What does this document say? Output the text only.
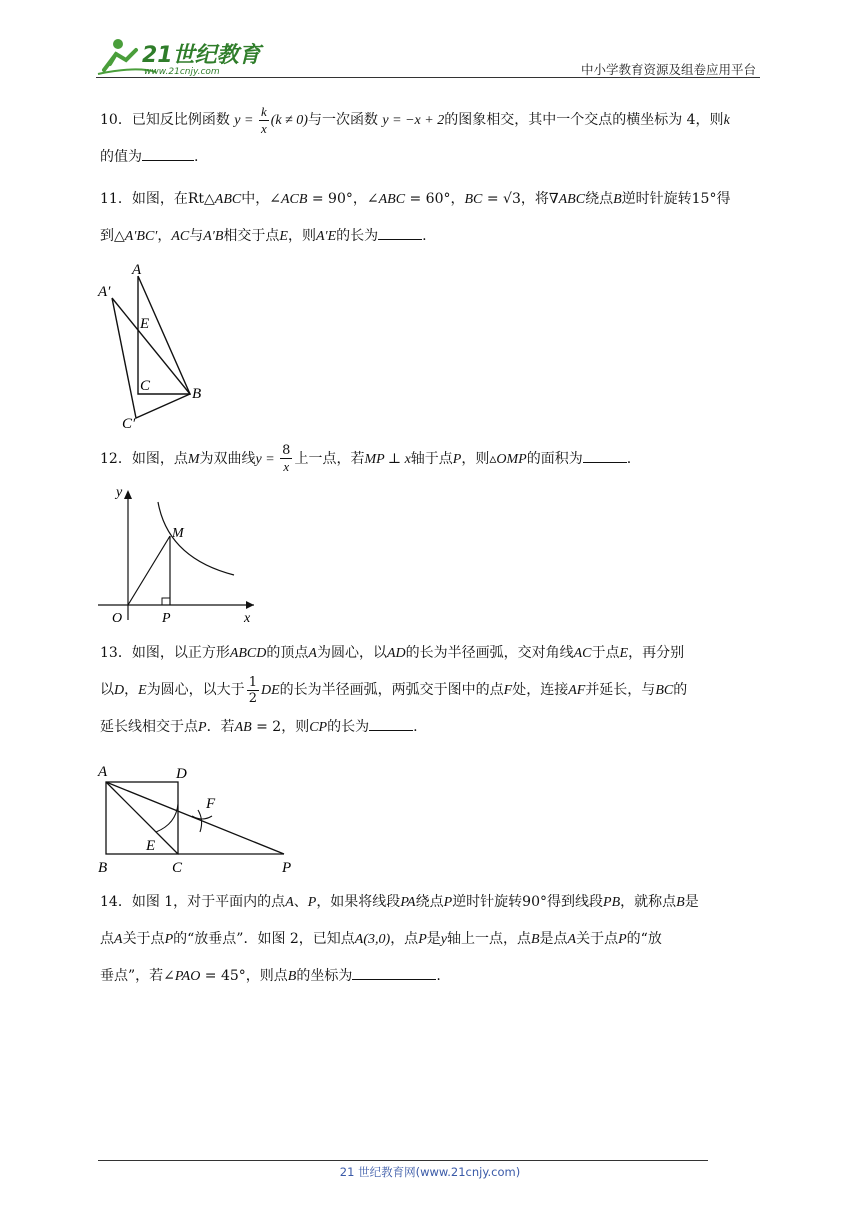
21世纪教育
www.21cnjy.com	中小学教育资源及组卷应用平台
10．已知反比例函数 $y = \frac{k}{x} (k \ne 0)$与一次函数 y = −x + 2的图象相交，其中一个交点的横坐标为 4，则k
的值为	.
11．如图，在Rt△ABC中，∠ACB = 90°，∠ABC = 60°，BC = √3，将∇ABC绕点B逆时针旋转15°得
到△A′BC′，AC与A′B相交于点E，则A′E的长为	.
A
A′
E
C	B
C′
12．如图，点M为双曲线$y = \frac{8}{x}$ 上一点，若MP ⊥ x轴于点P，则▵OMP的面积为	.
y
x
O	P
M
13．如图，以正方形ABCD的顶点A为圆心，以AD的长为半径画弧，交对角线AC于点E，再分别
以D，E为圆心，以大于 $\frac{1}{2}$ DE的长为半径画弧，两弧交于图中的点F处，连接AF并延长，与BC的
延长线相交于点P．若AB = 2，则CP的长为	.
A	D
F
E
B	C	P
14．如图 1，对于平面内的点A、P，如果将线段PA绕点P逆时针旋转90°得到线段PB，就称点B是
点A关于点P的“放垂点”．如图 2，已知点A(3,0)，点P是y轴上一点，点B是点A关于点P的“放
垂点”，若∠PAO = 45°，则点B的坐标为	.
21 世纪教育网(www.21cnjy.com)
